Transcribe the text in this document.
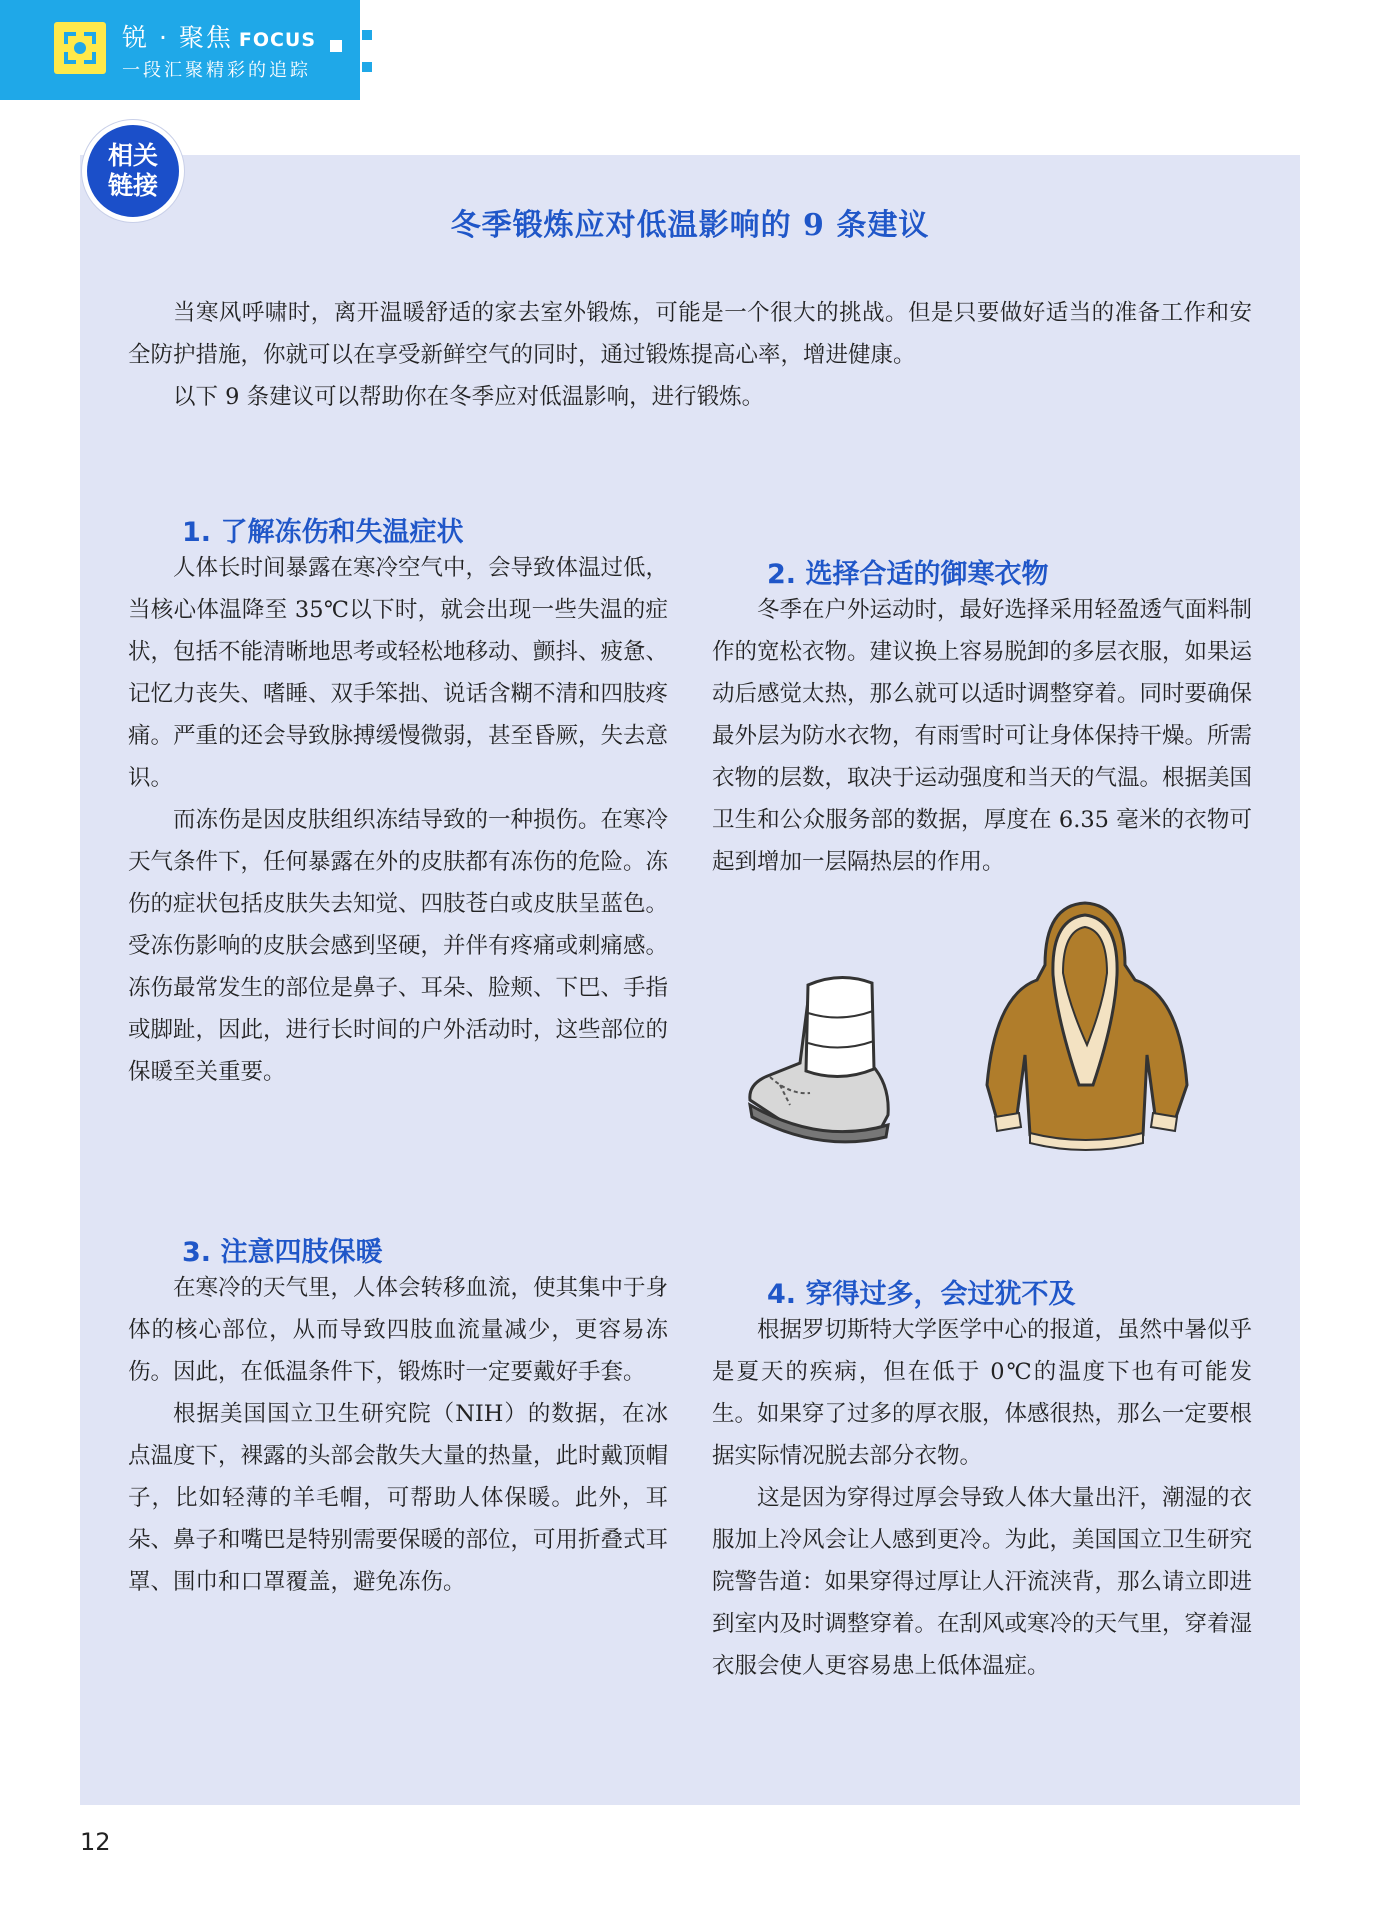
锐 · 聚焦 FOCUS
一段汇聚精彩的追踪
相关
链接
冬季锻炼应对低温影响的 9 条建议

当寒风呼啸时，离开温暖舒适的家去室外锻炼，可能是一个很大的挑战。但是只要做好适当的准备工作和安全防护措施，你就可以在享受新鲜空气的同时，通过锻炼提高心率，增进健康。

以下 9 条建议可以帮助你在冬季应对低温影响，进行锻炼。

1. 了解冻伤和失温症状

人体长时间暴露在寒冷空气中，会导致体温过低，当核心体温降至 35℃以下时，就会出现一些失温的症状，包括不能清晰地思考或轻松地移动、颤抖、疲惫、记忆力丧失、嗜睡、双手笨拙、说话含糊不清和四肢疼痛。严重的还会导致脉搏缓慢微弱，甚至昏厥，失去意识。

而冻伤是因皮肤组织冻结导致的一种损伤。在寒冷天气条件下，任何暴露在外的皮肤都有冻伤的危险。冻伤的症状包括皮肤失去知觉、四肢苍白或皮肤呈蓝色。受冻伤影响的皮肤会感到坚硬，并伴有疼痛或刺痛感。冻伤最常发生的部位是鼻子、耳朵、脸颊、下巴、手指或脚趾，因此，进行长时间的户外活动时，这些部位的保暖至关重要。

2. 选择合适的御寒衣物

冬季在户外运动时，最好选择采用轻盈透气面料制作的宽松衣物。建议换上容易脱卸的多层衣服，如果运动后感觉太热，那么就可以适时调整穿着。同时要确保最外层为防水衣物，有雨雪时可让身体保持干燥。所需衣物的层数，取决于运动强度和当天的气温。根据美国卫生和公众服务部的数据，厚度在 6.35 毫米的衣物可起到增加一层隔热层的作用。

3. 注意四肢保暖

在寒冷的天气里，人体会转移血流，使其集中于身体的核心部位，从而导致四肢血流量减少，更容易冻伤。因此，在低温条件下，锻炼时一定要戴好手套。

根据美国国立卫生研究院（NIH）的数据，在冰点温度下，裸露的头部会散失大量的热量，此时戴顶帽子，比如轻薄的羊毛帽，可帮助人体保暖。此外，耳朵、鼻子和嘴巴是特别需要保暖的部位，可用折叠式耳罩、围巾和口罩覆盖，避免冻伤。

4. 穿得过多，会过犹不及

根据罗切斯特大学医学中心的报道，虽然中暑似乎是夏天的疾病，但在低于 0℃的温度下也有可能发生。如果穿了过多的厚衣服，体感很热，那么一定要根据实际情况脱去部分衣物。

这是因为穿得过厚会导致人体大量出汗，潮湿的衣服加上冷风会让人感到更冷。为此，美国国立卫生研究院警告道：如果穿得过厚让人汗流浃背，那么请立即进到室内及时调整穿着。在刮风或寒冷的天气里，穿着湿衣服会使人更容易患上低体温症。

12
